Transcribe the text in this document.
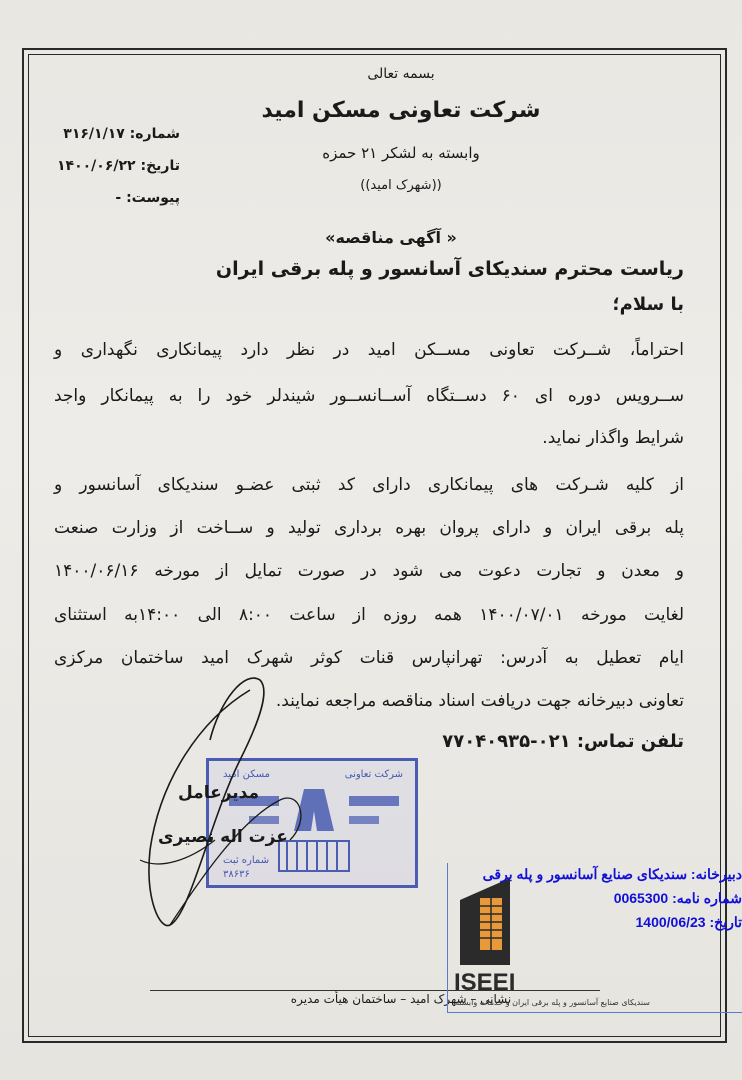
بسمه تعالی
شرکت تعاونی مسکن امید
وابسته به لشکر ۲۱ حمزه
((شهرک امید))
شماره: ۳۱۶/۱/۱۷
تاریخ: ۱۴۰۰/۰۶/۲۲
پیوست: -
« آگهی مناقصه»
ریاست محترم سندیکای آسانسور و پله برقی ایران
با سلام؛
احتراماً، شــرکت تعاونی مســکن امید در نظر دارد پیمانکاری نگهداری و
ســرویس دوره ای ۶۰ دســتگاه آســانســور شیندلر خود را به پیمانکار واجد
شرایط واگذار نماید.
از کلیه شـرکت های پیمانکاری دارای کد ثبتی عضـو سندیکای آسانسور و
پله برقی ایران و دارای پروان بهره برداری تولید و ســاخت از وزارت صنعت
و معدن و تجارت دعوت می شود در صورت تمایل از مورخه ۱۴۰۰/۰۶/۱۶
لغایت مورخه ۱۴۰۰/۰۷/۰۱ همه روزه از ساعت ۸:۰۰ الی ۱۴:۰۰به استثنای
ایام تعطیل به آدرس: تهرانپارس قنات کوثر شهرک امید ساختمان مرکزی
تعاونی دبیرخانه جهت دریافت اسناد مناقصه مراجعه نمایند.
تلفن تماس: ۰۲۱-۷۷۰۴۰۹۳۵
شرکت تعاونی
مسکن امید
شماره ثبت
۳۸۶۳۶
مدیرعامل
عزت اله نصیری
نشانی – شهرک امید – ساختمان هیأت مدیره
ISEEI
سندیکای صنایع آسانسور و پله برقی ایران و خدمات وابسته
دبیرخانه: سندیکای صنایع آسانسور و پله برقی
شماره نامه: 0065300
تاریخ: 1400/06/23
